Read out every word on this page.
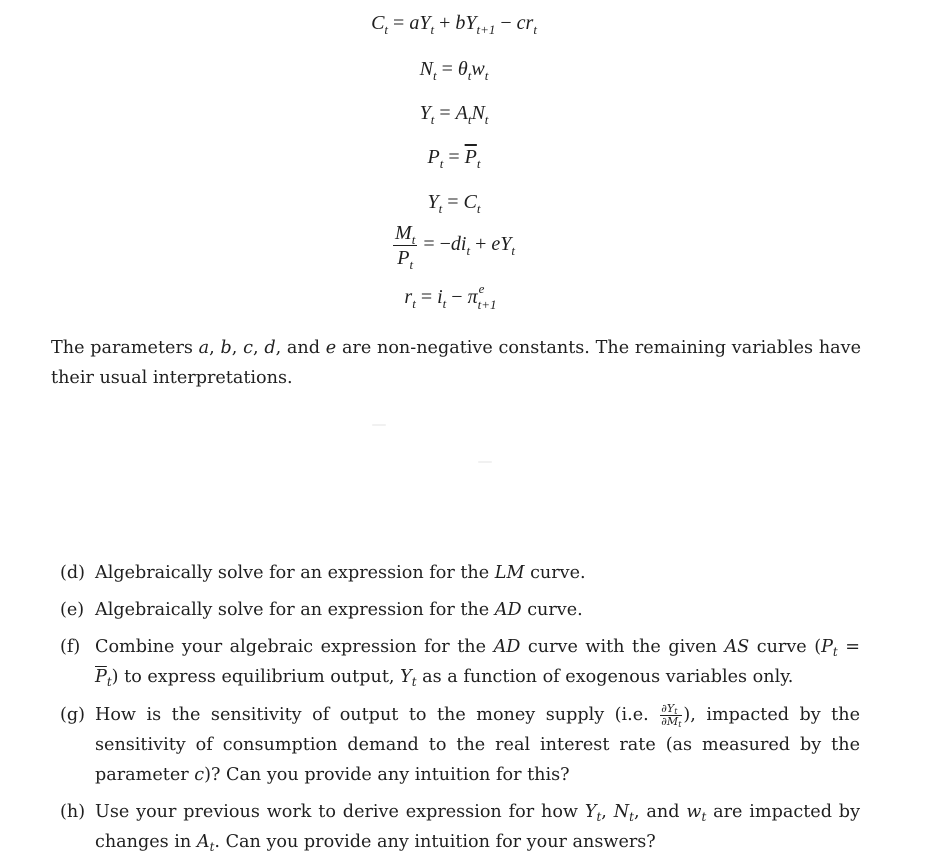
$C_t = aY_t + bY_{t+1} - cr_t$
$N_t = \theta_tw_t$
$Y_t = A_tN_t$
$P_t = \overline{P}_t$
$Y_t = C_t$
$\frac{M_t}{P_t} = -di_t + eY_t$
$r_t = i_t - \pi$ e
t+1
The parameters a, b, c, d, and e are non-negative constants. The remaining variables have their usual interpretations.
(d) Algebraically solve for an expression for the LM curve.
(e) Algebraically solve for an expression for the AD curve.
(f) Combine your algebraic expression for the AD curve with the given AS curve $(P_t = \overline{P}_t)$ to express equilibrium output, $Y_t$ as a function of exogenous variables only.
(g) How is the sensitivity of output to the money supply (i.e. $\frac{\partial Y_t}{\partial M_t}$ ), impacted by the sensitivity of consumption demand to the real interest rate (as measured by the parameter c)? Can you provide any intuition for this?
(h) Use your previous work to derive expression for how $Y_t$, $N_t$, and $w_t$ are impacted by changes in $A_t$. Can you provide any intuition for your answers?
